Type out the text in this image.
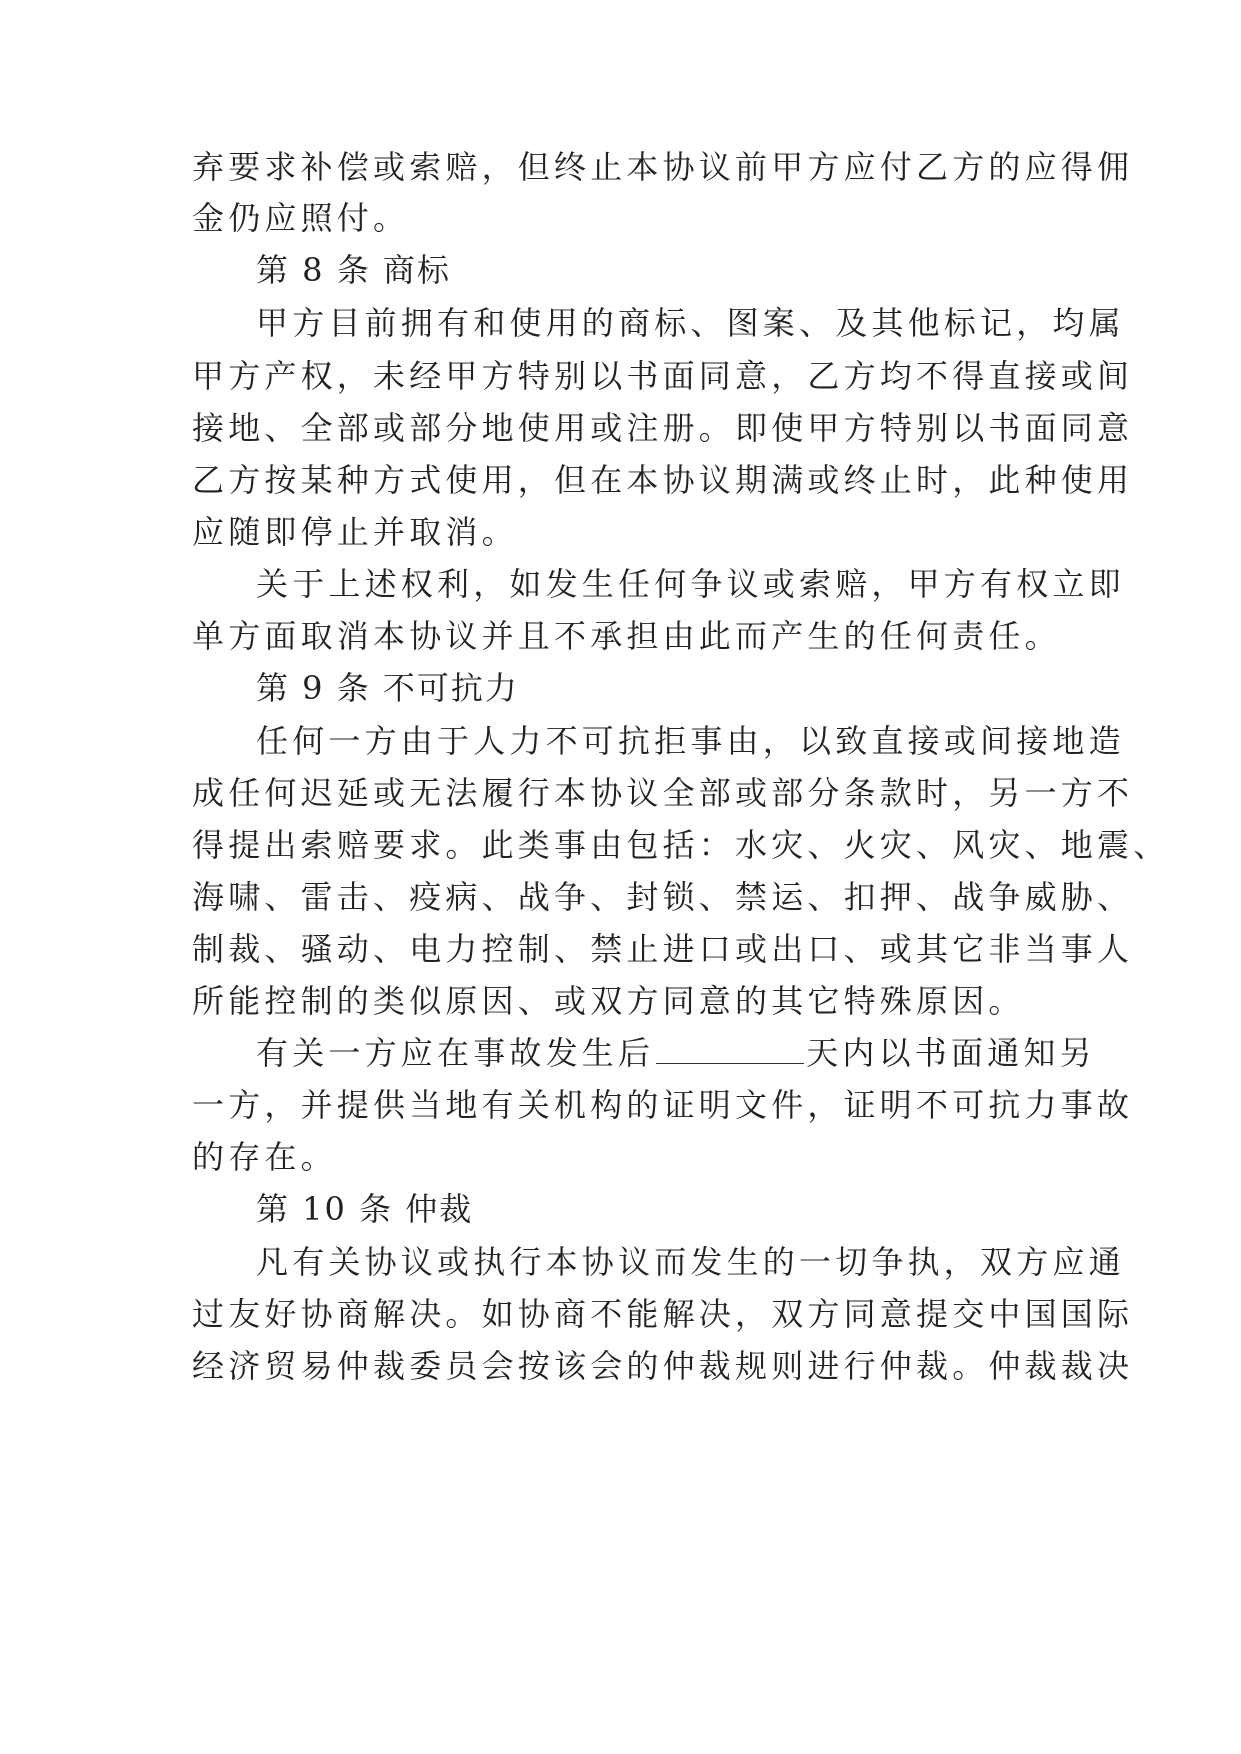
弃要求补偿或索赔，但终止本协议前甲方应付乙方的应得佣
金仍应照付。
第 8 条 商标
甲方目前拥有和使用的商标、图案、及其他标记，均属
甲方产权，未经甲方特别以书面同意，乙方均不得直接或间
接地、全部或部分地使用或注册。即使甲方特别以书面同意
乙方按某种方式使用，但在本协议期满或终止时，此种使用
应随即停止并取消。
关于上述权利，如发生任何争议或索赔，甲方有权立即
单方面取消本协议并且不承担由此而产生的任何责任。
第 9 条 不可抗力
任何一方由于人力不可抗拒事由，以致直接或间接地造
成任何迟延或无法履行本协议全部或部分条款时，另一方不
得提出索赔要求。此类事由包括：水灾、火灾、风灾、地震、
海啸、雷击、疫病、战争、封锁、禁运、扣押、战争威胁、
制裁、骚动、电力控制、禁止进口或出口、或其它非当事人
所能控制的类似原因、或双方同意的其它特殊原因。
有关一方应在事故发生后	天内以书面通知另
一方，并提供当地有关机构的证明文件，证明不可抗力事故
的存在。
第 10 条 仲裁
凡有关协议或执行本协议而发生的一切争执，双方应通
过友好协商解决。如协商不能解决，双方同意提交中国国际
经济贸易仲裁委员会按该会的仲裁规则进行仲裁。仲裁裁决
